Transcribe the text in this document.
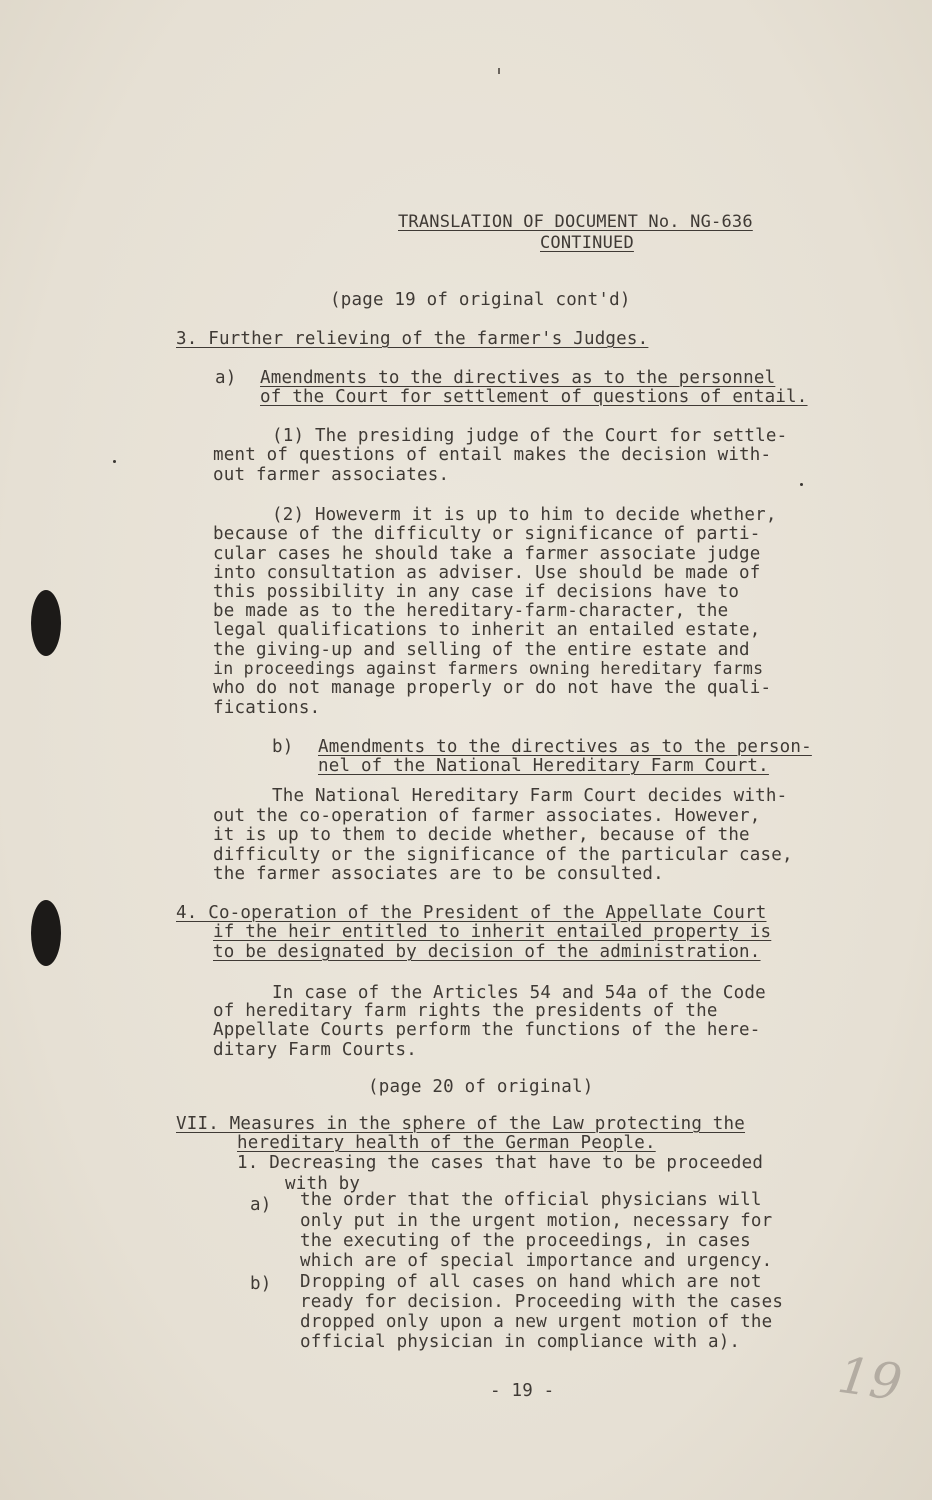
TRANSLATION OF DOCUMENT No. NG-636
CONTINUED
(page 19 of original cont'd)
3. Further relieving of the farmer's Judges.
a) Amendments to the directives as to the personnel
of the Court for settlement of questions of entail.
(1) The presiding judge of the Court for settle-
ment of questions of entail makes the decision with-
out farmer associates.
(2) Howeverm it is up to him to decide whether,
because of the difficulty or significance of parti-
cular cases he should take a farmer associate judge
into consultation as adviser. Use should be made of
this possibility in any case if decisions have to
be made as to the hereditary-farm-character, the
legal qualifications to inherit an entailed estate,
the giving-up and selling of the entire estate and
in proceedings against farmers owning hereditary farms
who do not manage properly or do not have the quali-
fications.
b) Amendments to the directives as to the person-
nel of the National Hereditary Farm Court.
The National Hereditary Farm Court decides with-
out the co-operation of farmer associates. However,
it is up to them to decide whether, because of the
difficulty or the significance of the particular case,
the farmer associates are to be consulted.
4. Co-operation of the President of the Appellate Court
if the heir entitled to inherit entailed property is
to be designated by decision of the administration.
In case of the Articles 54 and 54a of the Code
of hereditary farm rights the presidents of the
Appellate Courts perform the functions of the here-
ditary Farm Courts.
(page 20 of original)
VII. Measures in the sphere of the Law protecting the
hereditary health of the German People.
1. Decreasing the cases that have to be proceeded
with by
a) the order that the official physicians will
only put in the urgent motion, necessary for
the executing of the proceedings, in cases
which are of special importance and urgency.
b) Dropping of all cases on hand which are not
ready for decision. Proceeding with the cases
dropped only upon a new urgent motion of the
official physician in compliance with a).
- 19 -	19
